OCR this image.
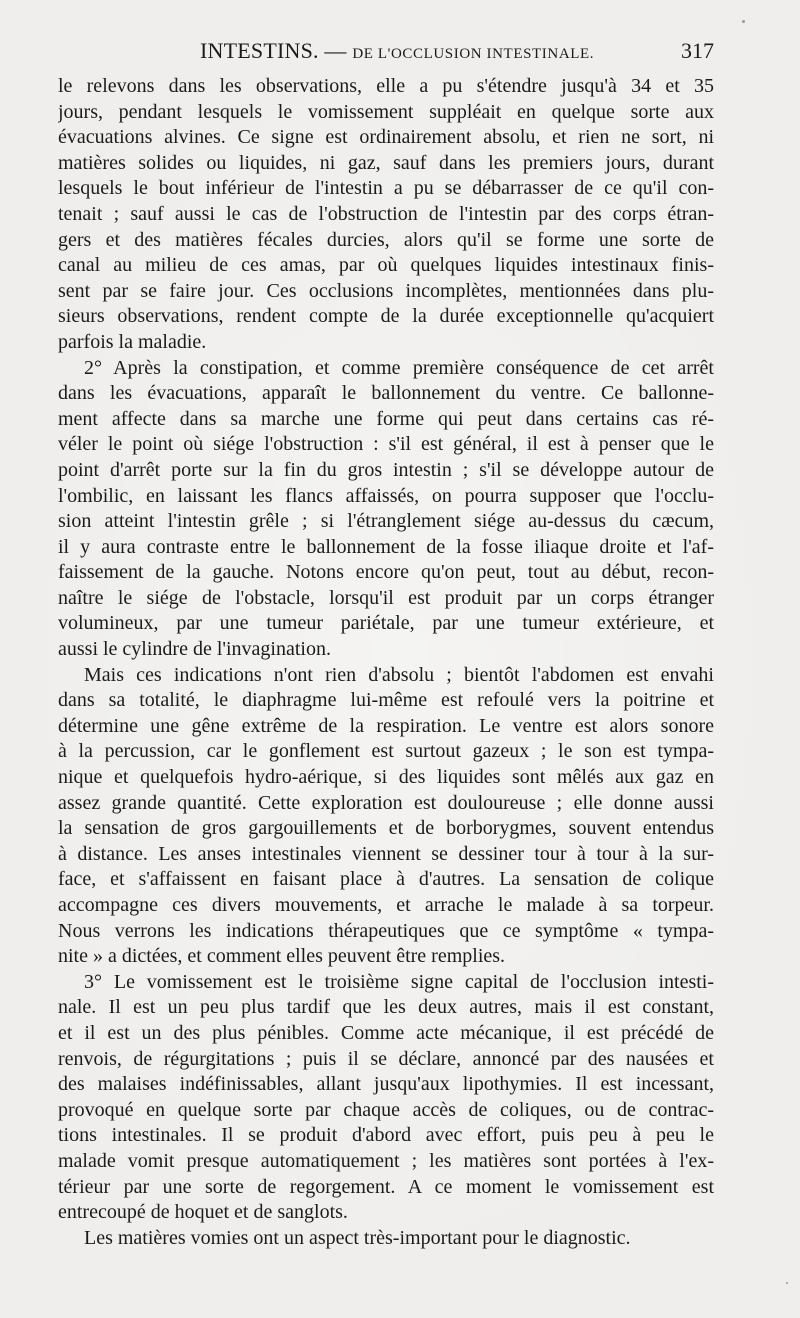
INTESTINS. — DE L'OCCLUSION INTESTINALE.	317
le relevons dans les observations, elle a pu s'étendre jusqu'à 34 et 35
jours, pendant lesquels le vomissement suppléait en quelque sorte aux
évacuations alvines. Ce signe est ordinairement absolu, et rien ne sort, ni
matières solides ou liquides, ni gaz, sauf dans les premiers jours, durant
lesquels le bout inférieur de l'intestin a pu se débarrasser de ce qu'il con-
tenait ; sauf aussi le cas de l'obstruction de l'intestin par des corps étran-
gers et des matières fécales durcies, alors qu'il se forme une sorte de
canal au milieu de ces amas, par où quelques liquides intestinaux finis-
sent par se faire jour. Ces occlusions incomplètes, mentionnées dans plu-
sieurs observations, rendent compte de la durée exceptionnelle qu'acquiert
parfois la maladie.
2° Après la constipation, et comme première conséquence de cet arrêt
dans les évacuations, apparaît le ballonnement du ventre. Ce ballonne-
ment affecte dans sa marche une forme qui peut dans certains cas ré-
véler le point où siége l'obstruction : s'il est général, il est à penser que le
point d'arrêt porte sur la fin du gros intestin ; s'il se développe autour de
l'ombilic, en laissant les flancs affaissés, on pourra supposer que l'occlu-
sion atteint l'intestin grêle ; si l'étranglement siége au-dessus du cæcum,
il y aura contraste entre le ballonnement de la fosse iliaque droite et l'af-
faissement de la gauche. Notons encore qu'on peut, tout au début, recon-
naître le siége de l'obstacle, lorsqu'il est produit par un corps étranger
volumineux, par une tumeur pariétale, par une tumeur extérieure, et
aussi le cylindre de l'invagination.
Mais ces indications n'ont rien d'absolu ; bientôt l'abdomen est envahi
dans sa totalité, le diaphragme lui-même est refoulé vers la poitrine et
détermine une gêne extrême de la respiration. Le ventre est alors sonore
à la percussion, car le gonflement est surtout gazeux ; le son est tympa-
nique et quelquefois hydro-aérique, si des liquides sont mêlés aux gaz en
assez grande quantité. Cette exploration est douloureuse ; elle donne aussi
la sensation de gros gargouillements et de borborygmes, souvent entendus
à distance. Les anses intestinales viennent se dessiner tour à tour à la sur-
face, et s'affaissent en faisant place à d'autres. La sensation de colique
accompagne ces divers mouvements, et arrache le malade à sa torpeur.
Nous verrons les indications thérapeutiques que ce symptôme « tympa-
nite » a dictées, et comment elles peuvent être remplies.
3° Le vomissement est le troisième signe capital de l'occlusion intesti-
nale. Il est un peu plus tardif que les deux autres, mais il est constant,
et il est un des plus pénibles. Comme acte mécanique, il est précédé de
renvois, de régurgitations ; puis il se déclare, annoncé par des nausées et
des malaises indéfinissables, allant jusqu'aux lipothymies. Il est incessant,
provoqué en quelque sorte par chaque accès de coliques, ou de contrac-
tions intestinales. Il se produit d'abord avec effort, puis peu à peu le
malade vomit presque automatiquement ; les matières sont portées à l'ex-
térieur par une sorte de regorgement. A ce moment le vomissement est
entrecoupé de hoquet et de sanglots.
Les matières vomies ont un aspect très-important pour le diagnostic.
